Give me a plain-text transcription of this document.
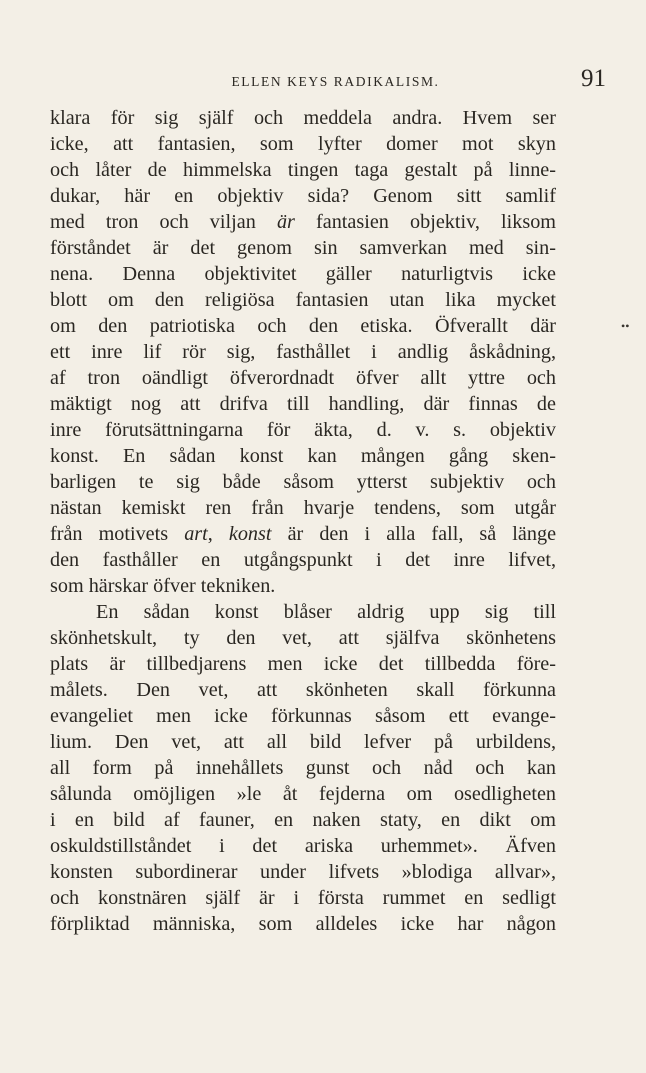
ELLEN KEYS RADIKALISM.	91
••
klara för sig själf och meddela andra. Hvem ser
icke, att fantasien, som lyfter domer mot skyn
och låter de himmelska tingen taga gestalt på linne-
dukar, här en objektiv sida? Genom sitt samlif
med tron och viljan är fantasien objektiv, liksom
förståndet är det genom sin samverkan med sin-
nena. Denna objektivitet gäller naturligtvis icke
blott om den religiösa fantasien utan lika mycket
om den patriotiska och den etiska. Öfverallt där
ett inre lif rör sig, fasthållet i andlig åskådning,
af tron oändligt öfverordnadt öfver allt yttre och
mäktigt nog att drifva till handling, där finnas de
inre förutsättningarna för äkta, d. v. s. objektiv
konst. En sådan konst kan mången gång sken-
barligen te sig både såsom ytterst subjektiv och
nästan kemiskt ren från hvarje tendens, som utgår
från motivets art, konst är den i alla fall, så länge
den fasthåller en utgångspunkt i det inre lifvet,
som härskar öfver tekniken.
En sådan konst blåser aldrig upp sig till
skönhetskult, ty den vet, att själfva skönhetens
plats är tillbedjarens men icke det tillbedda före-
målets. Den vet, att skönheten skall förkunna
evangeliet men icke förkunnas såsom ett evange-
lium. Den vet, att all bild lefver på urbildens,
all form på innehållets gunst och nåd och kan
sålunda omöjligen »le åt fejderna om osedligheten
i en bild af fauner, en naken staty, en dikt om
oskuldstillståndet i det ariska urhemmet». Äfven
konsten subordinerar under lifvets »blodiga allvar»,
och konstnären själf är i första rummet en sedligt
förpliktad människa, som alldeles icke har någon
